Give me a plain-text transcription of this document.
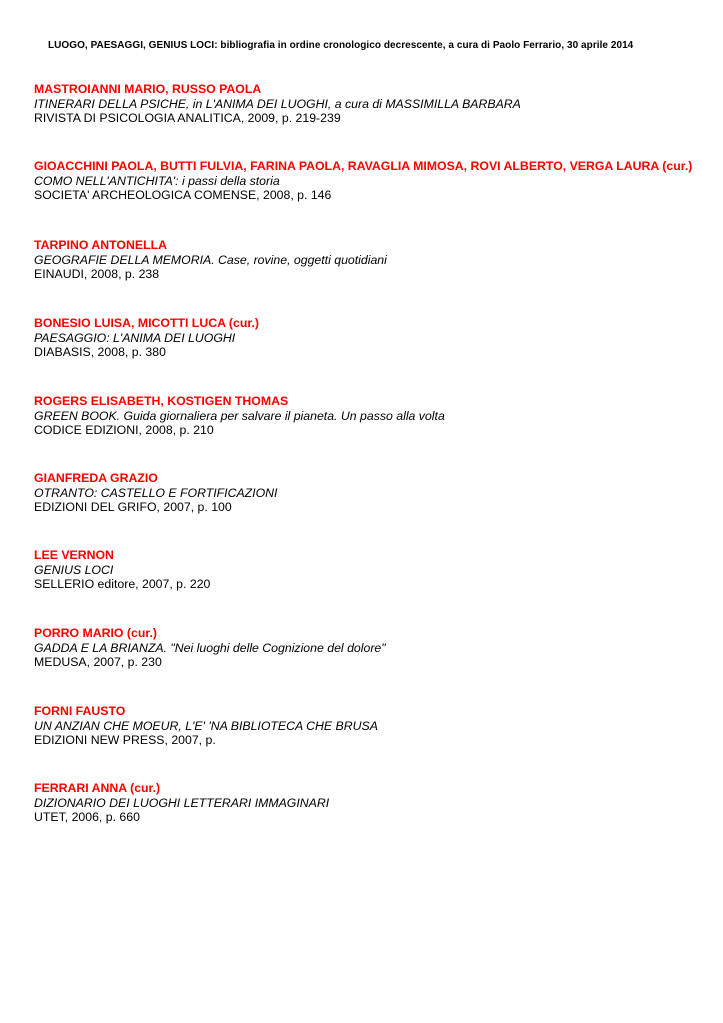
LUOGO, PAESAGGI, GENIUS LOCI: bibliografia in ordine cronologico decrescente, a cura di Paolo Ferrario, 30 aprile 2014
MASTROIANNI MARIO, RUSSO PAOLA
ITINERARI DELLA PSICHE, in L'ANIMA DEI LUOGHI, a cura di MASSIMILLA BARBARA
RIVISTA DI PSICOLOGIA ANALITICA, 2009, p. 219-239
GIOACCHINI PAOLA, BUTTI FULVIA, FARINA PAOLA, RAVAGLIA MIMOSA, ROVI ALBERTO, VERGA LAURA (cur.)
COMO NELL'ANTICHITA': i passi della storia
SOCIETA' ARCHEOLOGICA COMENSE, 2008, p. 146
TARPINO ANTONELLA
GEOGRAFIE DELLA MEMORIA. Case, rovine, oggetti quotidiani
EINAUDI, 2008, p. 238
BONESIO LUISA, MICOTTI LUCA (cur.)
PAESAGGIO: L'ANIMA DEI LUOGHI
DIABASIS, 2008, p. 380
ROGERS ELISABETH, KOSTIGEN THOMAS
GREEN BOOK. Guida giornaliera per salvare il pianeta. Un passo alla volta
CODICE EDIZIONI, 2008, p. 210
GIANFREDA GRAZIO
OTRANTO: CASTELLO E FORTIFICAZIONI
EDIZIONI DEL GRIFO, 2007, p. 100
LEE VERNON
GENIUS LOCI
SELLERIO editore, 2007, p. 220
PORRO MARIO (cur.)
GADDA E LA BRIANZA. "Nei luoghi delle Cognizione del dolore"
MEDUSA, 2007, p. 230
FORNI FAUSTO
UN ANZIAN CHE MOEUR, L'E' 'NA BIBLIOTECA CHE BRUSA
EDIZIONI NEW PRESS, 2007, p.
FERRARI ANNA (cur.)
DIZIONARIO DEI LUOGHI LETTERARI IMMAGINARI
UTET, 2006, p. 660
